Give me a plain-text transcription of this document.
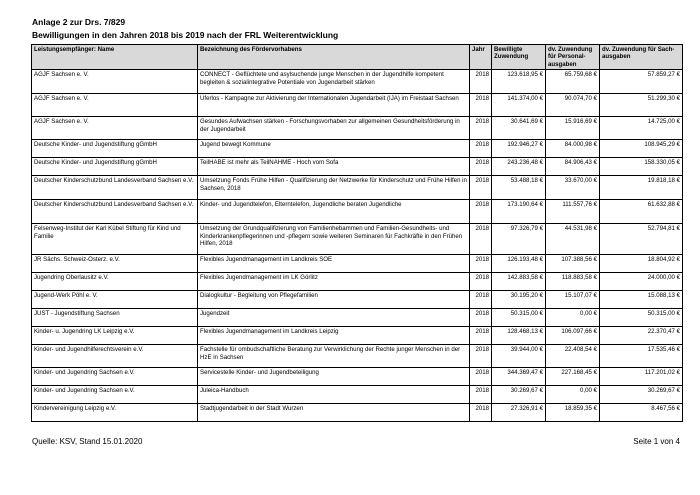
Anlage 2 zur Drs. 7/829
Bewilligungen in den Jahren 2018 bis 2019 nach der FRL Weiterentwicklung
Leistungsempfänger: Name	Bezeichnung des Fördervorhabens	Jahr	Bewilligte Zuwendung	dv. Zuwendung für Personal- ausgaben	dv. Zuwendung für Sach- ausgaben
AGJF Sachsen e. V.	CONNECT - Geflüchtete und asylsuchende junge Menschen in der Jugendhilfe kompetent begleiten & sozialintegrative Potentiale von Jugendarbeit stärken	2018	123.618,95 €	65.759,68 €	57.859,27 €
AGJF Sachsen e. V.	Uferlos - Kampagne zur Aktivierung der Internationalen Jugendarbeit (IJA) im Freistaat Sachsen	2018	141.374,00 €	90.074,70 €	51.299,30 €
AGJF Sachsen e. V.	Gesundes Aufwachsen stärken - Forschungsvorhaben zur allgemeinen Gesundheitsförderung in der Jugendarbeit	2018	30.641,69 €	15.916,69 €	14.725,00 €
Deutsche Kinder- und Jugendstiftung gGmbH	Jugend bewegt Kommune	2018	192.946,27 €	84.000,98 €	108.945,29 €
Deutsche Kinder- und Jugendstiftung gGmbH	TeilHABE ist mehr als TeilNAHME - Hoch vom Sofa	2018	243.236,48 €	84.906,43 €	158.330,05 €
Deutscher Kinderschutzbund Landesverband Sachsen e.V.	Umsetzung Fonds Frühe Hilfen - Qualifizierung der Netzwerke für Kinderschutz und Frühe Hilfen in Sachsen, 2018	2018	53.488,18 €	33.670,00 €	19.818,18 €
Deutscher Kinderschutzbund Landesverband Sachsen e.V.	Kinder- und Jugendtelefon, Elterntelefon, Jugendliche beraten Jugendliche	2018	173.190,64 €	111.557,76 €	61.632,88 €
Felsenweg-Institut der Karl Kübel Stiftung für Kind und Familie	Umsetzung der Grundqualifizierung von Familienhebammen und Familien-Gesundheits- und Kinderkrankenpflegerinnen und -pflegern sowie weiteren Seminaren für Fachkräfte in den Frühen Hilfen, 2018	2018	97.326,79 €	44.531,98 €	52.794,81 €
JR Sächs. Schweiz-Osterz. e.V.	Flexibles Jugendmanagement im Landkreis SOE	2018	126.193,48 €	107.388,56 €	18.804,92 €
Jugendring Oberlausitz e.V.	Flexibles Jugendmanagement im LK Görlitz	2018	142.883,58 €	118.883,58 €	24.000,00 €
Jugend-Werk Pöhl e. V.	Dialogkultur - Begleitung von Pflegefamilien	2018	30.195,20 €	15.107,07 €	15.088,13 €
JUST - Jugendstiftung Sachsen	Jugendzeit	2018	50.315,00 €	0,00 €	50.315,00 €
Kinder- u. Jugendring LK Leipzig e.V.	Flexibles Jugendmanagement im Landkreis Leipzig	2018	128.468,13 €	106.097,66 €	22.370,47 €
Kinder- und Jugendhilferechtsverein e.V.	Fachstelle für ombudschaftliche Beratung zur Verwirklichung der Rechte junger Menschen in der HzE in Sachsen	2018	39.944,00 €	22.408,54 €	17.535,46 €
Kinder- und Jugendring Sachsen e.V.	Servicestelle Kinder- und Jugendbeteiligung	2018	344.369,47 €	227.168,45 €	117.201,02 €
Kinder- und Jugendring Sachsen e.V.	Juleica-Handbuch	2018	30.269,67 €	0,00 €	30.269,67 €
Kindervereinigung Leipzig e.V.	Stadtjugendarbeit in der Stadt Wurzen	2018	27.326,91 €	18.859,35 €	8.467,56 €
Quelle: KSV, Stand 15.01.2020	Seite 1 von 4
